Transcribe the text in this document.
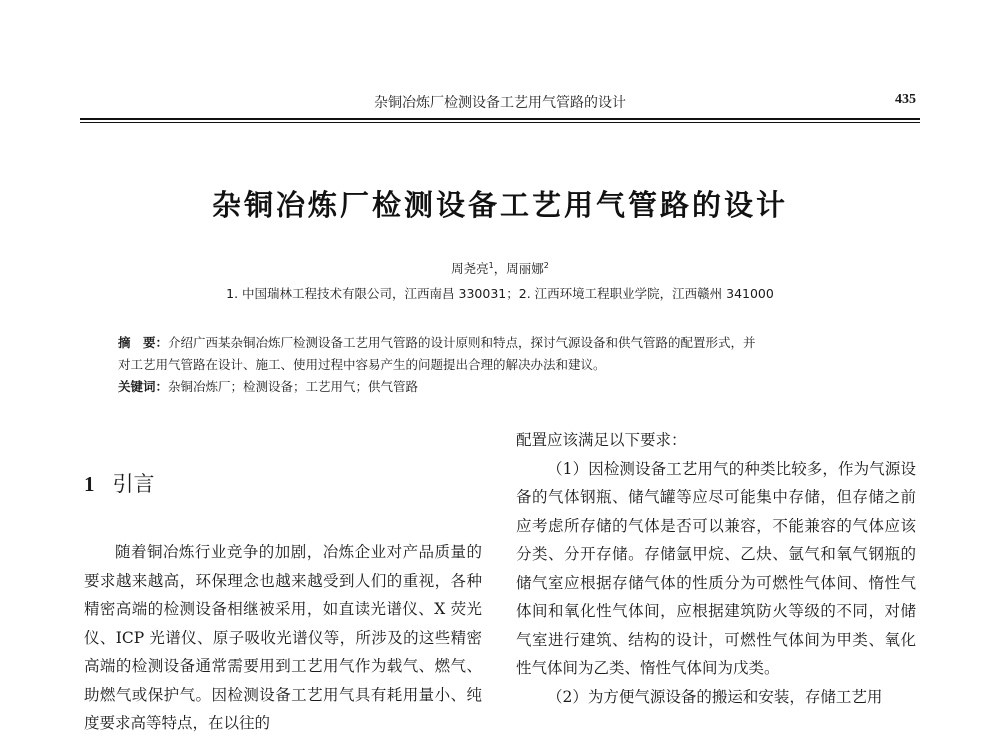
杂铜冶炼厂检测设备工艺用气管路的设计	435
杂铜冶炼厂检测设备工艺用气管路的设计
周尧亮$^1$，周丽娜$^2$
1. 中国瑞林工程技术有限公司，江西南昌 330031；2. 江西环境工程职业学院，江西赣州 341000

摘　要：介绍广西某杂铜冶炼厂检测设备工艺用气管路的设计原则和特点，探讨气源设备和供气管路的配置形式，并

对工艺用气管路在设计、施工、使用过程中容易产生的问题提出合理的解决办法和建议。

关键词：杂铜冶炼厂；检测设备；工艺用气；供气管路

1 引言

随着铜冶炼行业竞争的加剧，冶炼企业对产品质量的要求越来越高，环保理念也越来越受到人们的重视，各种精密高端的检测设备相继被采用，如直读光谱仪、X 荧光仪、ICP 光谱仪、原子吸收光谱仪等，所涉及的这些精密高端的检测设备通常需要用到工艺用气作为载气、燃气、助燃气或保护气。因检测设备工艺用气具有耗用量小、纯度要求高等特点，在以往的

配置应该满足以下要求：

（1）因检测设备工艺用气的种类比较多，作为气源设备的气体钢瓶、储气罐等应尽可能集中存储，但存储之前应考虑所存储的气体是否可以兼容，不能兼容的气体应该分类、分开存储。存储氩甲烷、乙炔、氩气和氧气钢瓶的储气室应根据存储气体的性质分为可燃性气体间、惰性气体间和氧化性气体间，应根据建筑防火等级的不同，对储气室进行建筑、结构的设计，可燃性气体间为甲类、氧化性气体间为乙类、惰性气体间为戊类。

（2）为方便气源设备的搬运和安装，存储工艺用
